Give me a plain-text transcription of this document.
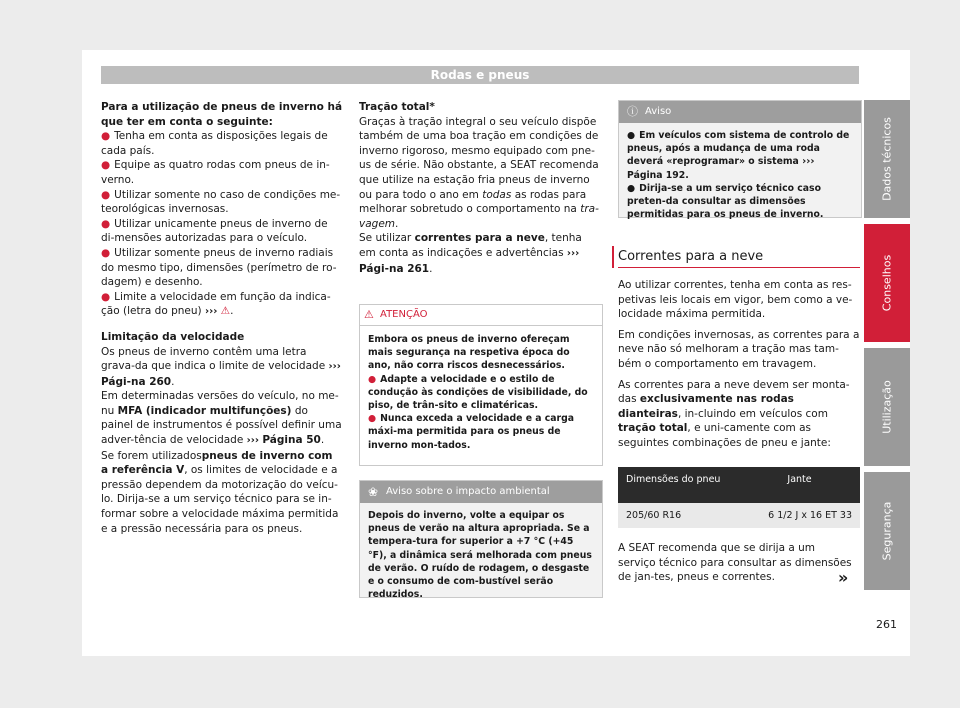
Rodas e pneus

Para a utilização de pneus de inverno há que ter em conta o seguinte:

● Tenha em conta as disposições legais de cada país.

● Equipe as quatro rodas com pneus de in-verno.

● Utilizar somente no caso de condições me-teorológicas invernosas.

● Utilizar unicamente pneus de inverno de di-mensões autorizadas para o veículo.

● Utilizar somente pneus de inverno radiais do mesmo tipo, dimensões (perímetro de ro-dagem) e desenho.

● Limite a velocidade em função da indica-ção (letra do pneu) ››› ⚠.

Limitação da velocidade

Os pneus de inverno contêm uma letra grava-da que indica o limite de velocidade ››› Pági-na 260.

Em determinadas versões do veículo, no me-nu MFA (indicador multifunções) do painel de instrumentos é possível definir uma adver-tência de velocidade ››› Página 50.

Se forem utilizadospneus de inverno com a referência V, os limites de velocidade e a pressão dependem da motorização do veícu-lo. Dirija-se a um serviço técnico para se in-formar sobre a velocidade máxima permitida e a pressão necessária para os pneus.

Tração total*

Graças à tração integral o seu veículo dispõe também de uma boa tração em condições de inverno rigoroso, mesmo equipado com pne-us de série. Não obstante, a SEAT recomenda que utilize na estação fria pneus de inverno ou para todo o ano em todas as rodas para melhorar sobretudo o comportamento na tra-vagem.

Se utilizar correntes para a neve, tenha em conta as indicações e advertências ››› Pági-na 261.

⚠ ATENÇÃO
Embora os pneus de inverno ofereçam mais segurança na respetiva época do ano, não corra riscos desnecessários.
● Adapte a velocidade e o estilo de condução às condições de visibilidade, do piso, de trân-sito e climatéricas.
● Nunca exceda a velocidade e a carga máxi-ma permitida para os pneus de inverno mon-tados.
❀ Aviso sobre o impacto ambiental
Depois do inverno, volte a equipar os pneus de verão na altura apropriada. Se a tempera-tura for superior a +7 °C (+45 °F), a dinâmica será melhorada com pneus de verão. O ruído de rodagem, o desgaste e o consumo de com-bustível serão reduzidos.
ⓘ Aviso
● Em veículos com sistema de controlo de pneus, após a mudança de uma roda deverá «reprogramar» o sistema ››› Página 192.
● Dirija-se a um serviço técnico caso preten-da consultar as dimensões permitidas para os pneus de inverno.
Correntes para a neve

Ao utilizar correntes, tenha em conta as res-petivas leis locais em vigor, bem como a ve-locidade máxima permitida.

Em condições invernosas, as correntes para a neve não só melhoram a tração mas tam-bém o comportamento em travagem.

As correntes para a neve devem ser monta-das exclusivamente nas rodas dianteiras, in-cluindo em veículos com tração total, e uni-camente com as seguintes combinações de pneu e jante:

Dimensões do pneu	Jante
205/60 R16	6 1/2 J x 16 ET 33
A SEAT recomenda que se dirija a um serviço técnico para consultar as dimensões de jan-tes, pneus e correntes.	»
Dados técnicos
Conselhos
Utilização
Segurança
261
